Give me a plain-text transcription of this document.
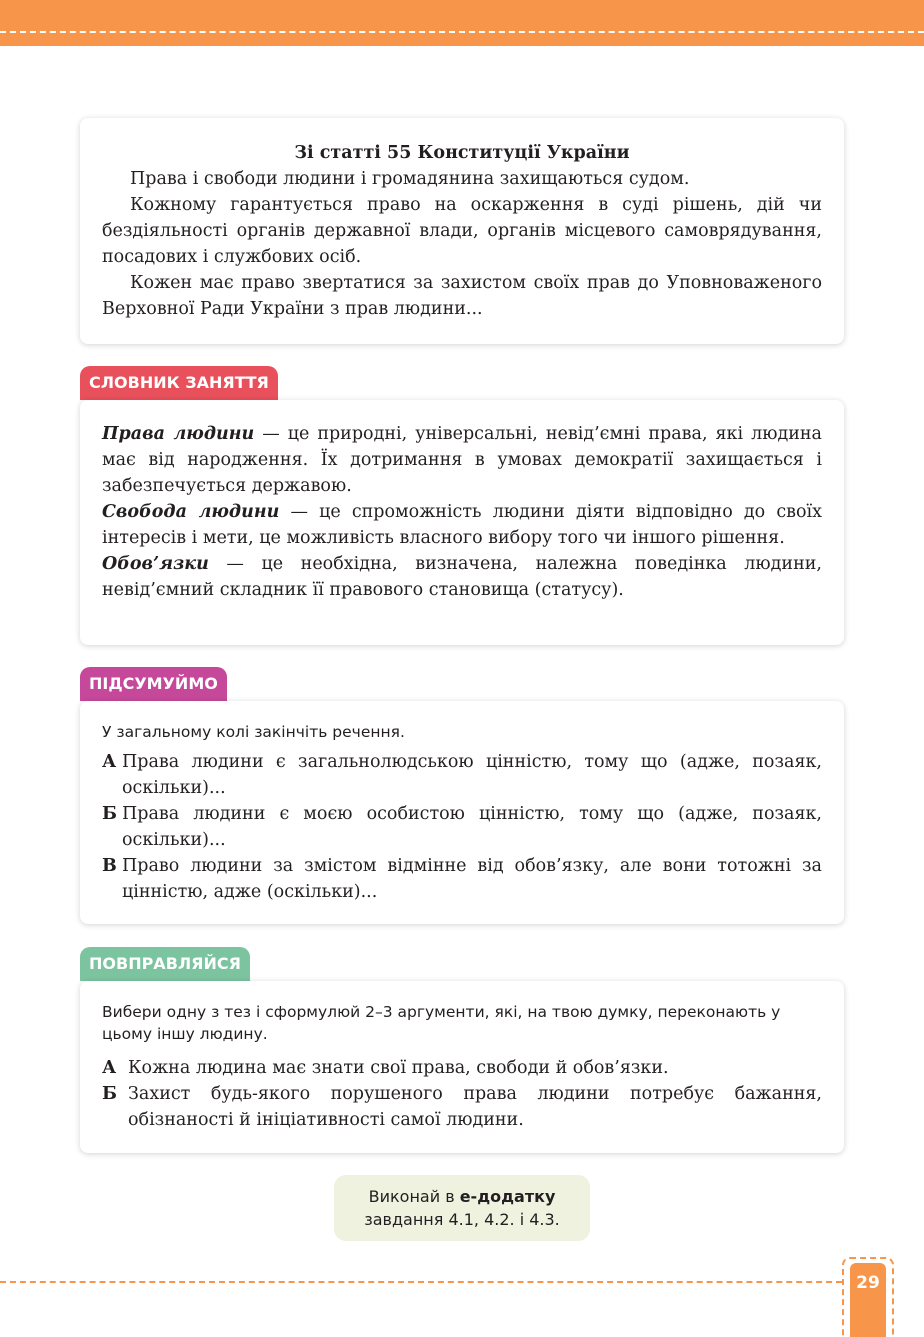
Зі статті 55 Конституції України
Права і свободи людини і громадянина захищаються судом.
Кожному гарантується право на оскарження в суді рішень, дій чи бездіяльності органів державної влади, органів місцевого самоврядування, посадових і службових осіб.
Кожен має право звертатися за захистом своїх прав до Уповноваженого Верховної Ради України з прав людини...
СЛОВНИК ЗАНЯТТЯ
Права людини — це природні, універсальні, невід’ємні права, які людина має від народження. Їх дотримання в умовах демократії захищається і забезпечується державою.
Свобода людини — це спроможність людини діяти відповідно до своїх інтересів і мети, це можливість власного вибору того чи іншого рішення.
Обов’язки — це необхідна, визначена, належна поведінка людини, невід’ємний складник її правового становища (статусу).
ПІДСУМУЙМО
У загальному колі закінчіть речення.
А Права людини є загальнолюдською цінністю, тому що (адже, позаяк, оскільки)...
Б Права людини є моєю особистою цінністю, тому що (адже, позаяк, оскільки)...
В Право людини за змістом відмінне від обов’язку, але вони тотожні за цінністю, адже (оскільки)...
ПОВПРАВЛЯЙСЯ
Вибери одну з тез і сформулюй 2–3 аргументи, які, на твою думку, переконають у цьому іншу людину.
А Кожна людина має знати свої права, свободи й обов’язки.
Б Захист будь-якого порушеного права людини потребує бажання, обізнаності й ініціативності самої людини.
Виконай в е-додатку
завдання 4.1, 4.2. і 4.3.
29
